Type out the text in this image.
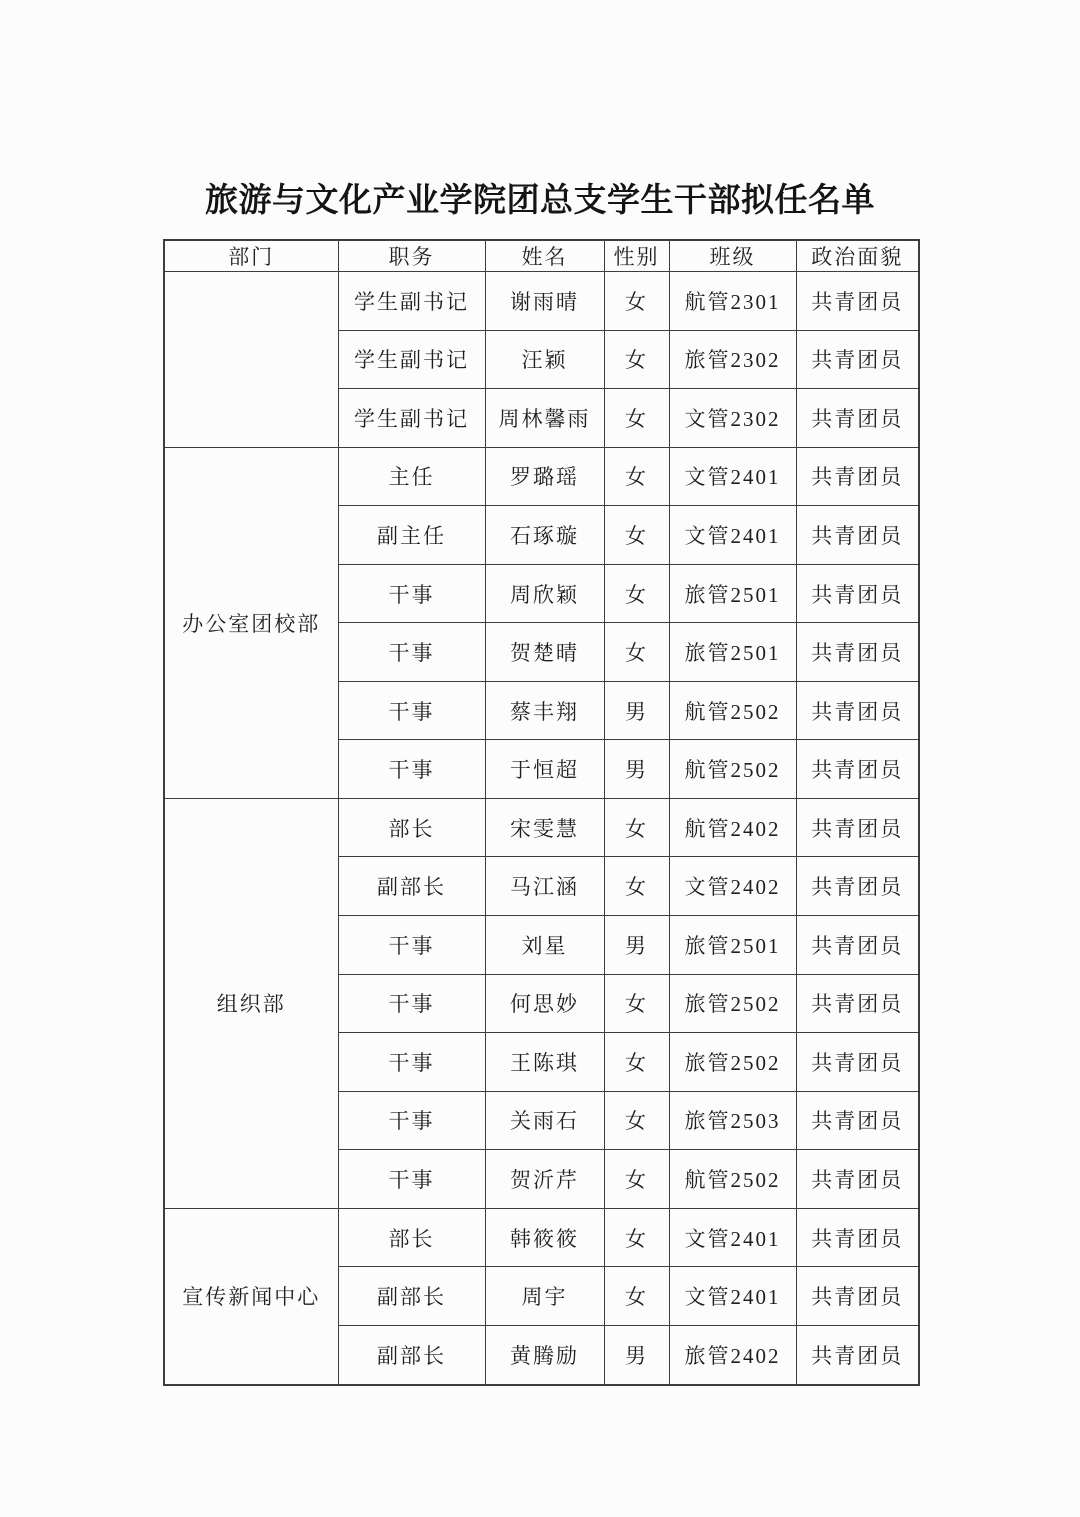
旅游与文化产业学院团总支学生干部拟任名单
部门	职务	姓名	性别	班级	政治面貌
	学生副书记	谢雨晴	女	航管2301	共青团员
	学生副书记	汪颖	女	旅管2302	共青团员
	学生副书记	周林馨雨	女	文管2302	共青团员
办公室团校部	主任	罗璐瑶	女	文管2401	共青团员
	副主任	石琢璇	女	文管2401	共青团员
	干事	周欣颖	女	旅管2501	共青团员
	干事	贺楚晴	女	旅管2501	共青团员
	干事	蔡丰翔	男	航管2502	共青团员
	干事	于恒超	男	航管2502	共青团员
组织部	部长	宋雯慧	女	航管2402	共青团员
	副部长	马江涵	女	文管2402	共青团员
	干事	刘星	男	旅管2501	共青团员
	干事	何思妙	女	旅管2502	共青团员
	干事	王陈琪	女	旅管2502	共青团员
	干事	关雨石	女	旅管2503	共青团员
	干事	贺沂芹	女	航管2502	共青团员
宣传新闻中心	部长	韩筱筱	女	文管2401	共青团员
	副部长	周宇	女	文管2401	共青团员
	副部长	黄腾励	男	旅管2402	共青团员
